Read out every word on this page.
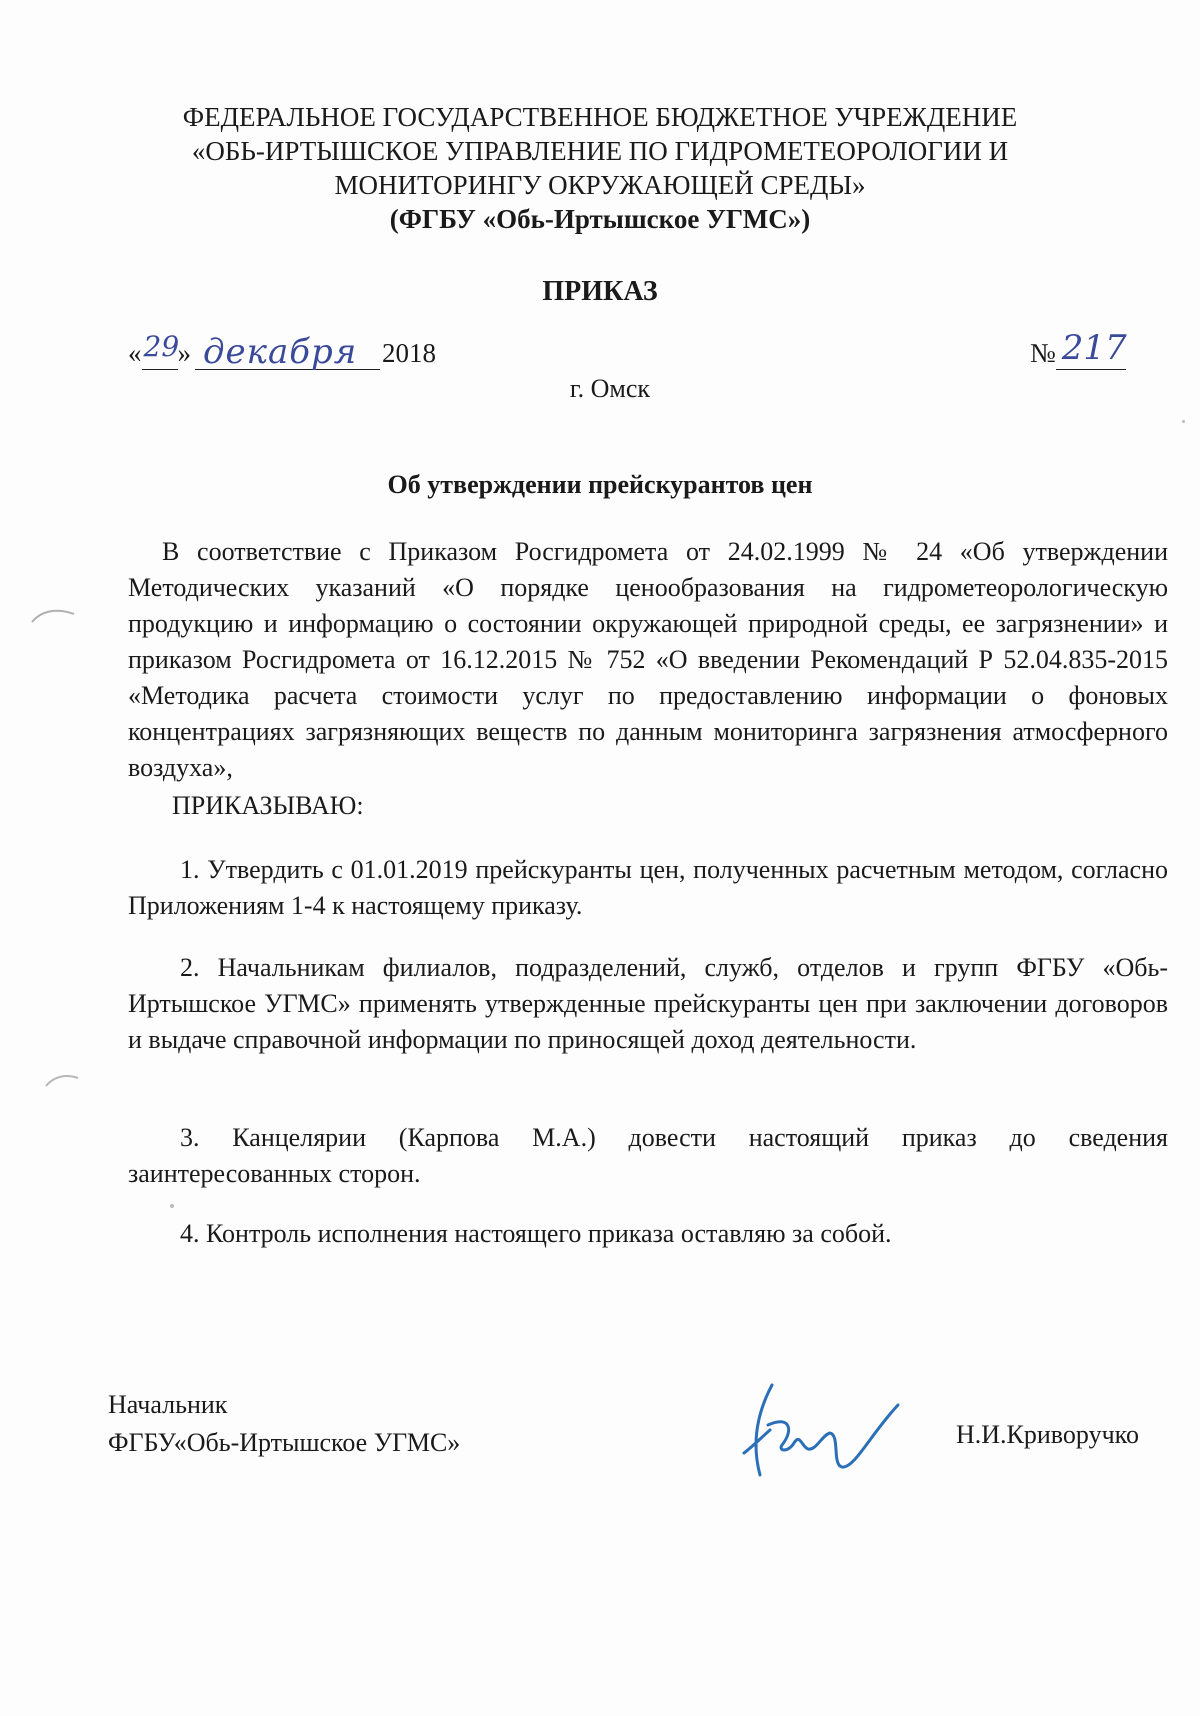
ФЕДЕРАЛЬНОЕ ГОСУДАРСТВЕННОЕ БЮДЖЕТНОЕ УЧРЕЖДЕНИЕ
«ОБЬ-ИРТЫШСКОЕ УПРАВЛЕНИЕ ПО ГИДРОМЕТЕОРОЛОГИИ И
МОНИТОРИНГУ ОКРУЖАЮЩЕЙ СРЕДЫ»
(ФГБУ «Обь-Иртышское УГМС»)
ПРИКАЗ
« 29
» декабря 2018	№ 217
г. Омск
Об утверждении прейскурантов цен
В соответствие с Приказом Росгидромета от 24.02.1999 № 24 «Об утверждении Методических указаний «О порядке ценообразования на гидрометеорологическую продукцию и информацию о состоянии окружающей природной среды, ее загрязнении» и приказом Росгидромета от 16.12.2015 № 752 «О введении Рекомендаций Р 52.04.835-2015 «Методика расчета стоимости услуг по предоставлению информации о фоновых концентрациях загрязняющих веществ по данным мониторинга загрязнения атмосферного воздуха»,
ПРИКАЗЫВАЮ:
1. Утвердить с 01.01.2019 прейскуранты цен, полученных расчетным методом, согласно Приложениям 1-4 к настоящему приказу.
2. Начальникам филиалов, подразделений, служб, отделов и групп ФГБУ «Обь-Иртышское УГМС» применять утвержденные прейскуранты цен при заключении договоров и выдаче справочной информации по приносящей доход деятельности.
3. Канцелярии (Карпова М.А.) довести настоящий приказ до сведения заинтересованных сторон.
4. Контроль исполнения настоящего приказа оставляю за собой.
Начальник
ФГБУ«Обь-Иртышское УГМС»	Н.И.Криворучко
